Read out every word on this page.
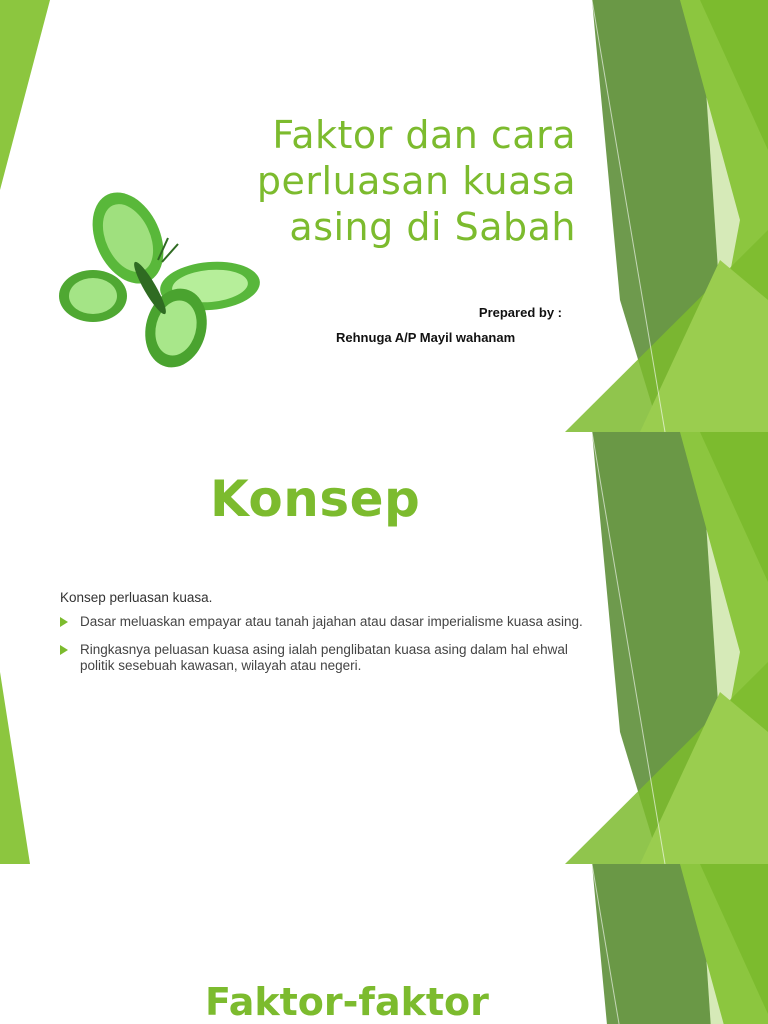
Faktor dan cara
perluasan kuasa
asing di Sabah
Prepared by :
Rehnuga A/P Mayil wahanam
Konsep
Konsep perluasan kuasa.
Dasar meluaskan empayar atau tanah jajahan atau dasar imperialisme kuasa asing.
Ringkasnya peluasan kuasa asing ialah penglibatan kuasa asing dalam hal ehwal politik sesebuah kawasan, wilayah atau negeri.
Faktor-faktor
